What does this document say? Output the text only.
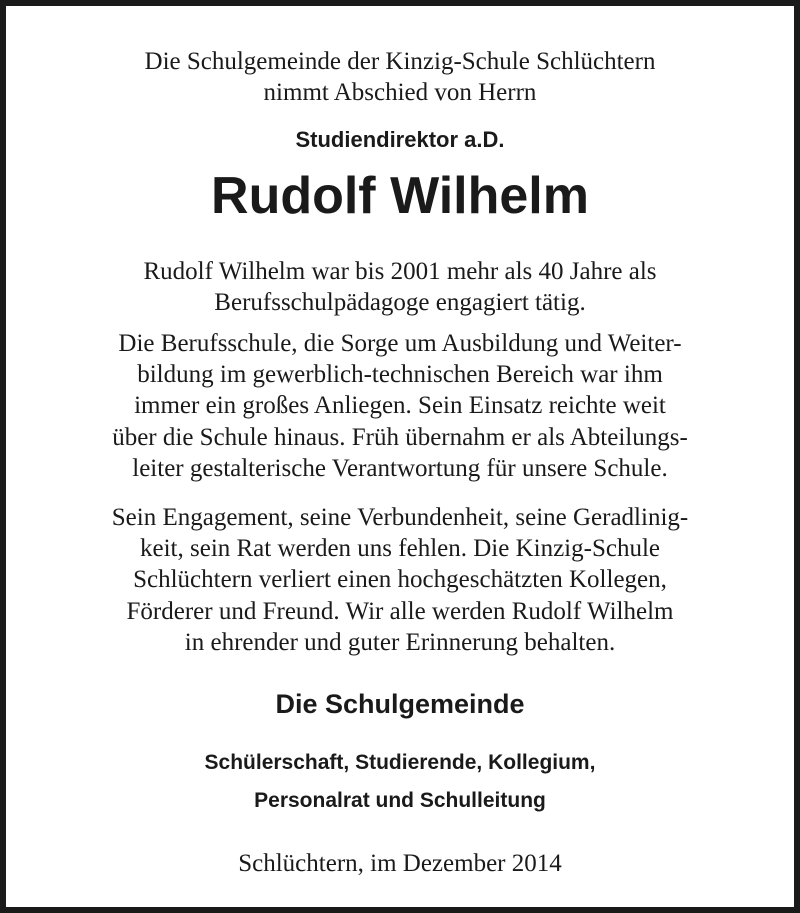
Die Schulgemeinde der Kinzig-Schule Schlüchtern
nimmt Abschied von Herrn
Studiendirektor a.D.
Rudolf Wilhelm
Rudolf Wilhelm war bis 2001 mehr als 40 Jahre als
Berufsschulpädagoge engagiert tätig.
Die Berufsschule, die Sorge um Ausbildung und Weiter-
bildung im gewerblich-technischen Bereich war ihm
immer ein großes Anliegen. Sein Einsatz reichte weit
über die Schule hinaus. Früh übernahm er als Abteilungs-
leiter gestalterische Verantwortung für unsere Schule.
Sein Engagement, seine Verbundenheit, seine Geradlinig-
keit, sein Rat werden uns fehlen. Die Kinzig-Schule
Schlüchtern verliert einen hochgeschätzten Kollegen,
Förderer und Freund. Wir alle werden Rudolf Wilhelm
in ehrender und guter Erinnerung behalten.
Die Schulgemeinde
Schülerschaft, Studierende, Kollegium,
Personalrat und Schulleitung
Schlüchtern, im Dezember 2014
